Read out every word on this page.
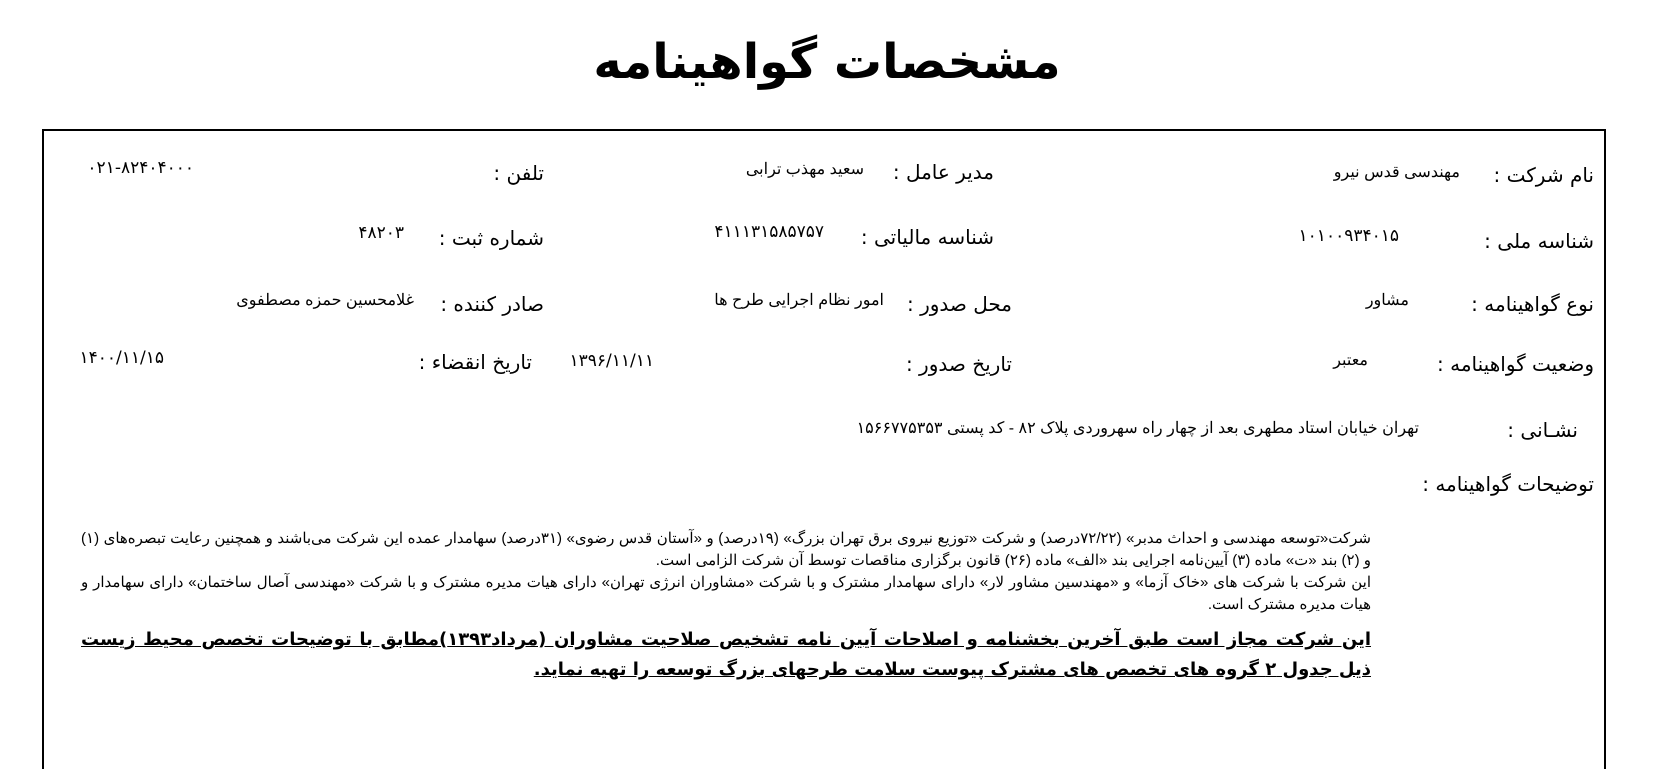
مشخصات گواهینامه
نام شرکت :
مهندسی قدس نیرو
مدیر عامل :
سعید مهذب ترابی
تلفن :
۰۲۱-۸۲۴۰۴۰۰۰
شناسه ملی :
۱۰۱۰۰۹۳۴۰۱۵
شناسه مالیاتی :
۴۱۱۱۳۱۵۸۵۷۵۷
شماره ثبت :
۴۸۲۰۳
نوع گواهینامه :
مشاور
محل صدور :
امور نظام اجرایی طرح ها
صادر کننده :
غلامحسین حمزه مصطفوی
وضعیت گواهینامه :
معتبر
تاریخ صدور :
۱۳۹۶/۱۱/۱۱
تاریخ انقضاء :
۱۴۰۰/۱۱/۱۵
نشـانی :
تهران خیابان استاد مطهری بعد از چهار راه سهروردی پلاک ۸۲ - کد پستی ۱۵۶۶۷۷۵۳۵۳
توضیحات گواهینامه :

شرکت«توسعه مهندسی و احداث مدبر» (۷۲/۲۲درصد) و شرکت «توزیع نیروی برق تهران بزرگ» (۱۹درصد) و «آستان قدس رضوی» (۳۱درصد) سهامدار عمده این شرکت می‌باشند و همچنین رعایت تبصره‌های (۱) و (۲) بند «ت» ماده (۳) آیین‌نامه اجرایی بند «الف» ماده (۲۶) قانون برگزاری مناقصات توسط آن شرکت الزامی است.

این شرکت با شرکت های «خاک آزما» و «مهندسین مشاور لار» دارای سهامدار مشترک و با شرکت «مشاوران انرژی تهران» دارای هیات مدیره مشترک و با شرکت «مهندسی آصال ساختمان» دارای سهامدار و هیات مدیره مشترک است.

این شرکت مجاز است طبق آخرین بخشنامه و اصلاحات آیین نامه تشخیص صلاحیت مشاوران (مرداد۱۳۹۳)مطابق با توضیحات تخصص محیط زیست ذیل جدول ۲ گروه های تخصص های مشترک پیوست سلامت طرحهای بزرگ توسعه را تهیه نماید.
